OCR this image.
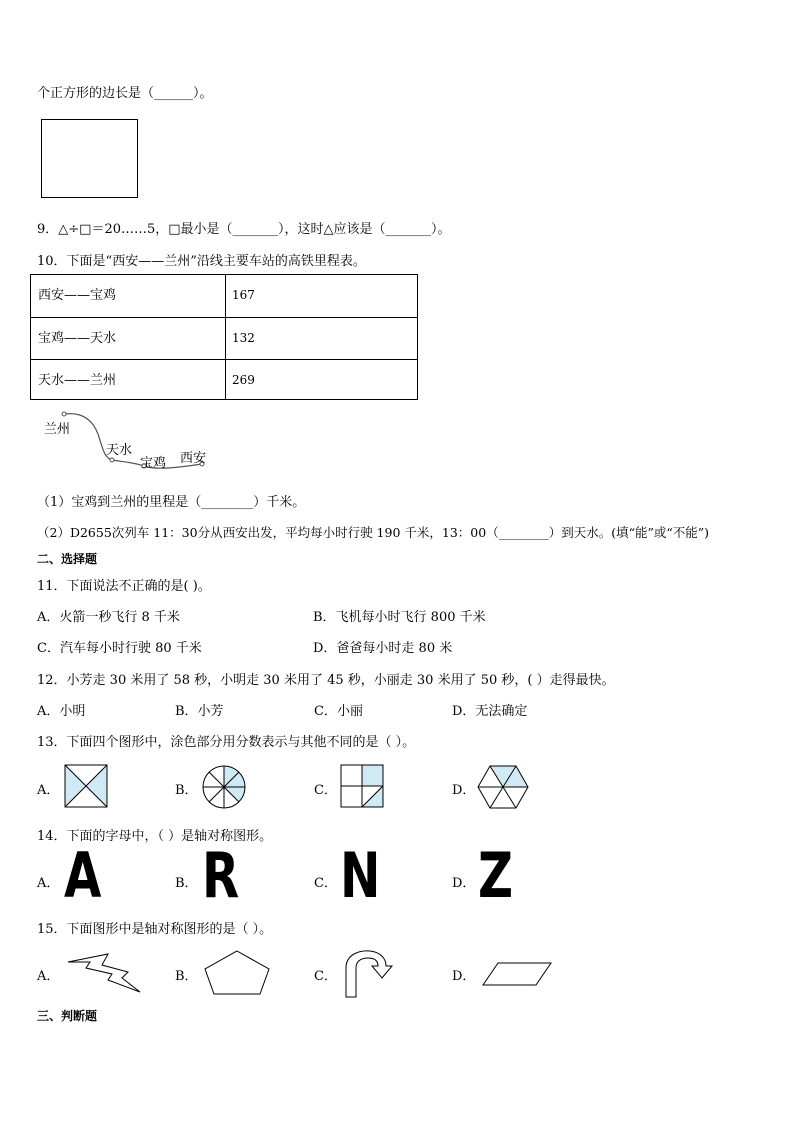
个正方形的边长是（______）。
9．△÷□＝20……5，□最小是（_______），这时△应该是（_______）。
10．下面是“西安——兰州”沿线主要车站的高铁里程表。
西安——宝鸡	167
宝鸡——天水	132
天水——兰州	269
兰州
天水
宝鸡 西安
（1）宝鸡到兰州的里程是（________）千米。
（2）D2655次列车 11：30分从西安出发，平均每小时行驶 190 千米，13：00（________）到天水。(填“能”或“不能”)
二、选择题
11．下面说法不正确的是( )。
A．火箭一秒飞行 8 千米	B．飞机每小时飞行 800 千米
C．汽车每小时行驶 80 千米	D．爸爸每小时走 80 米
12．小芳走 30 米用了 58 秒，小明走 30 米用了 45 秒，小丽走 30 米用了 50 秒，( ）走得最快。
A．小明	B．小芳	C．小丽	D．无法确定
13．下面四个图形中，涂色部分用分数表示与其他不同的是（ ）。
A．	B．	C．	D．
14．下面的字母中，（ ）是轴对称图形。
A． A	B． R	C． N	D． Z
15．下面图形中是轴对称图形的是（ ）。
A．	B．	C．	D．
三、判断题
